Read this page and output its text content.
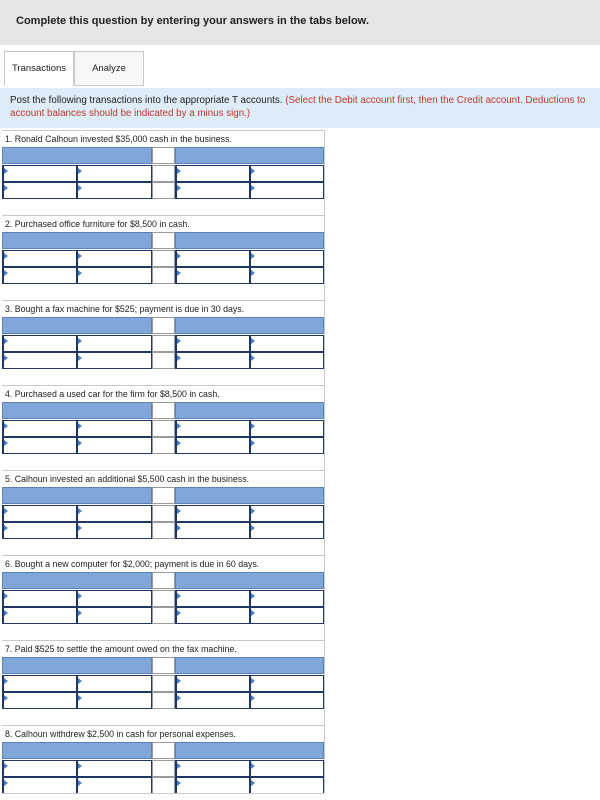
Complete this question by entering your answers in the tabs below.
Transactions	Analyze
Post the following transactions into the appropriate T accounts. (Select the Debit account first, then the Credit account. Deductions to account balances should be indicated by a minus sign.)
1. Ronald Calhoun invested $35,000 cash in the business.
2. Purchased office furniture for $8,500 in cash.
3. Bought a fax machine for $525; payment is due in 30 days.
4. Purchased a used car for the firm for $8,500 in cash.
5. Calhoun invested an additional $5,500 cash in the business.
6. Bought a new computer for $2,000; payment is due in 60 days.
7. Paid $525 to settle the amount owed on the fax machine.
8. Calhoun withdrew $2,500 in cash for personal expenses.
